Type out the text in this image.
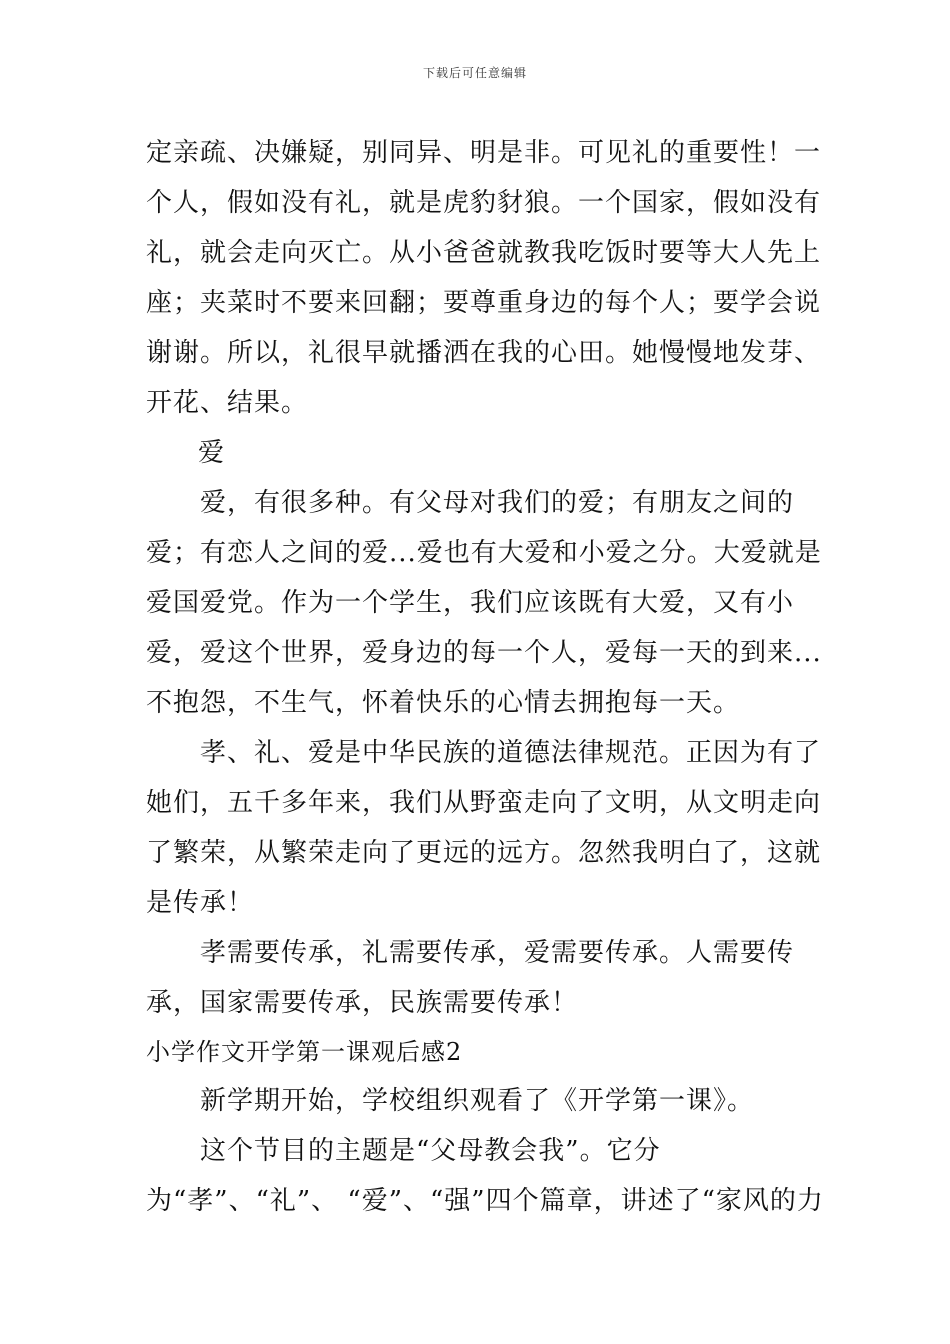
下载后可任意编辑

定亲疏、决嫌疑，别同异、明是非。可见礼的重要性！一个人，假如没有礼，就是虎豹豺狼。一个国家，假如没有礼，就会走向灭亡。从小爸爸就教我吃饭时要等大人先上座；夹菜时不要来回翻；要尊重身边的每个人；要学会说谢谢。所以，礼很早就播洒在我的心田。她慢慢地发芽、开花、结果。

爱

爱，有很多种。有父母对我们的爱；有朋友之间的爱；有恋人之间的爱...爱也有大爱和小爱之分。大爱就是爱国爱党。作为一个学生，我们应该既有大爱，又有小爱，爱这个世界，爱身边的每一个人，爱每一天的到来...不抱怨，不生气，怀着快乐的心情去拥抱每一天。

孝、礼、爱是中华民族的道德法律规范。正因为有了她们，五千多年来，我们从野蛮走向了文明，从文明走向了繁荣，从繁荣走向了更远的远方。忽然我明白了，这就是传承！

孝需要传承，礼需要传承，爱需要传承。人需要传承，国家需要传承，民族需要传承！

小学作文开学第一课观后感2

新学期开始，学校组织观看了《开学第一课》。

这个节目的主题是“父母教会我”。它分为“孝”、“礼”、 “爱”、“强”四个篇章，讲述了“家风的力
